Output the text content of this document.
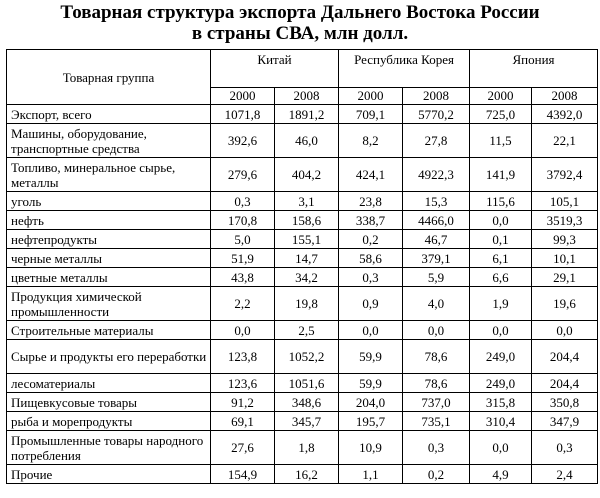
Товарная структура экспорта Дальнего Востока России
в страны СВА, млн долл.
Товарная группа	Китай		Республика Корея		Япония	
	2000	2008	2000	2008	2000	2008
Экспорт, всего	1071,8	1891,2	709,1	5770,2	725,0	4392,0
Машины, оборудование, транспортные средства	392,6	46,0	8,2	27,8	11,5	22,1
Топливо, минеральное сырье, металлы	279,6	404,2	424,1	4922,3	141,9	3792,4
уголь	0,3	3,1	23,8	15,3	115,6	105,1
нефть	170,8	158,6	338,7	4466,0	0,0	3519,3
нефтепродукты	5,0	155,1	0,2	46,7	0,1	99,3
черные металлы	51,9	14,7	58,6	379,1	6,1	10,1
цветные металлы	43,8	34,2	0,3	5,9	6,6	29,1
Продукция химической промышленности	2,2	19,8	0,9	4,0	1,9	19,6
Строительные материалы	0,0	2,5	0,0	0,0	0,0	0,0
Сырье и продукты его переработки	123,8	1052,2	59,9	78,6	249,0	204,4
лесоматериалы	123,6	1051,6	59,9	78,6	249,0	204,4
Пищевкусовые товары	91,2	348,6	204,0	737,0	315,8	350,8
рыба и морепродукты	69,1	345,7	195,7	735,1	310,4	347,9
Промышленные товары народного потребления	27,6	1,8	10,9	0,3	0,0	0,3
Прочие	154,9	16,2	1,1	0,2	4,9	2,4
